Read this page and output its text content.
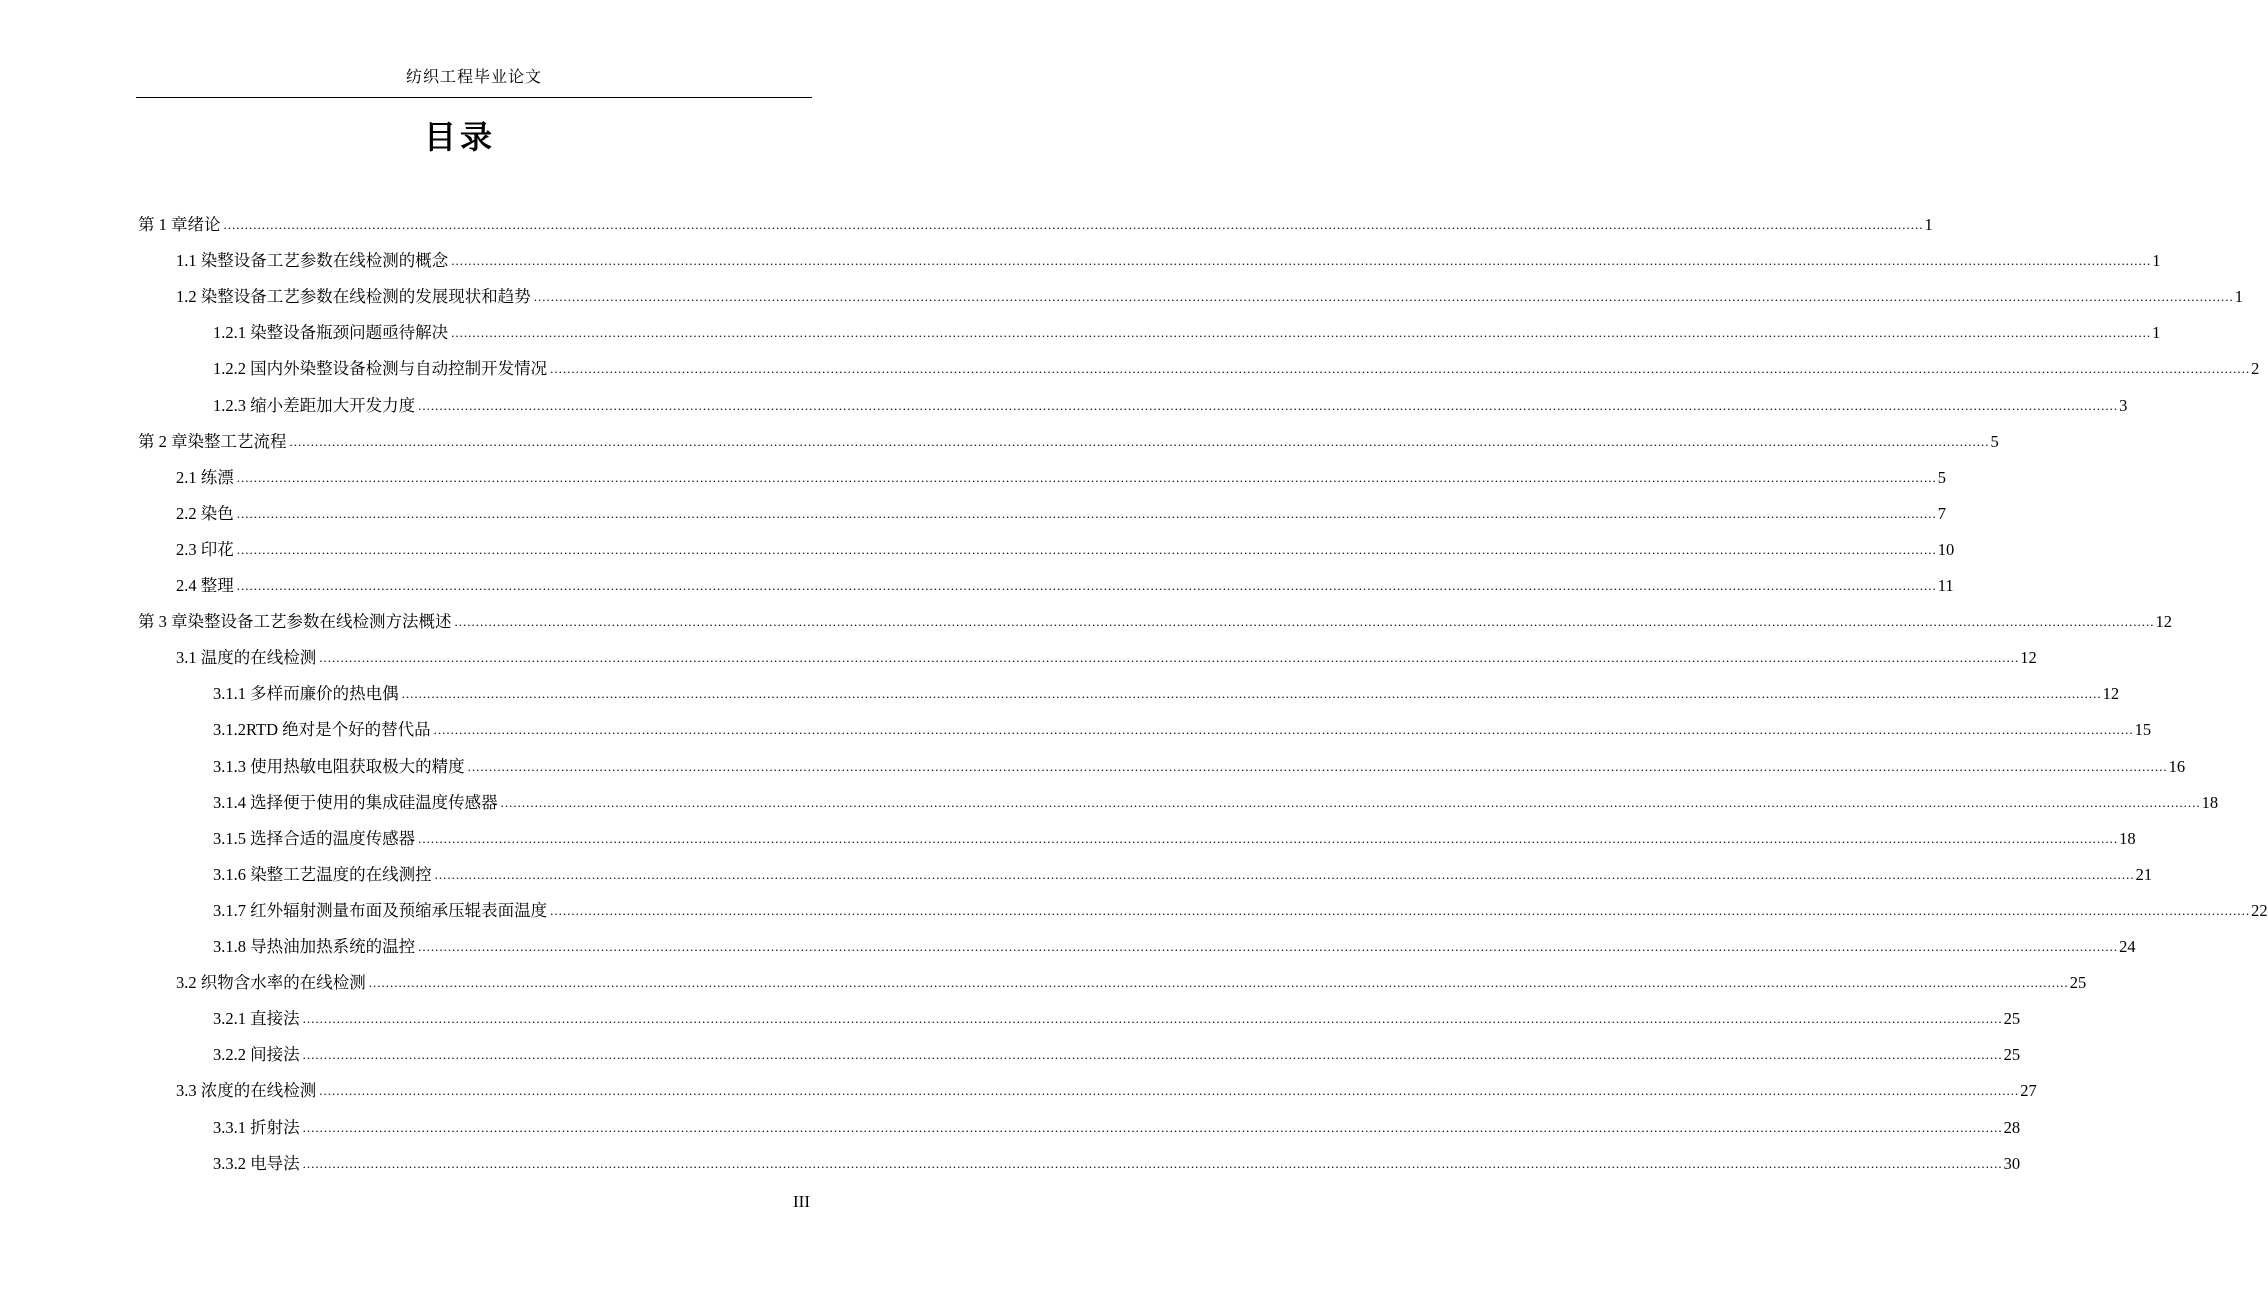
纺织工程毕业论文
目录
第 1 章绪论 ................................................................................................................................................................................................................................................................................................................................................................................................................ 1
1.1 染整设备工艺参数在线检测的概念 ................................................................................................................................................................................................................................................................................................................................................................................................................ 1
1.2 染整设备工艺参数在线检测的发展现状和趋势 ................................................................................................................................................................................................................................................................................................................................................................................................................ 1
1.2.1 染整设备瓶颈问题亟待解决 ................................................................................................................................................................................................................................................................................................................................................................................................................ 1
1.2.2 国内外染整设备检测与自动控制开发情况 ................................................................................................................................................................................................................................................................................................................................................................................................................ 2
1.2.3 缩小差距加大开发力度 ................................................................................................................................................................................................................................................................................................................................................................................................................ 3
第 2 章染整工艺流程 ................................................................................................................................................................................................................................................................................................................................................................................................................ 5
2.1 练漂 ................................................................................................................................................................................................................................................................................................................................................................................................................ 5
2.2 染色 ................................................................................................................................................................................................................................................................................................................................................................................................................ 7
2.3 印花 ................................................................................................................................................................................................................................................................................................................................................................................................................ 10
2.4 整理 ................................................................................................................................................................................................................................................................................................................................................................................................................ 11
第 3 章染整设备工艺参数在线检测方法概述 ................................................................................................................................................................................................................................................................................................................................................................................................................ 12
3.1 温度的在线检测 ................................................................................................................................................................................................................................................................................................................................................................................................................ 12
3.1.1 多样而廉价的热电偶 ................................................................................................................................................................................................................................................................................................................................................................................................................ 12
3.1.2RTD 绝对是个好的替代品 ................................................................................................................................................................................................................................................................................................................................................................................................................ 15
3.1.3 使用热敏电阻获取极大的精度 ................................................................................................................................................................................................................................................................................................................................................................................................................ 16
3.1.4 选择便于使用的集成硅温度传感器 ................................................................................................................................................................................................................................................................................................................................................................................................................ 18
3.1.5 选择合适的温度传感器 ................................................................................................................................................................................................................................................................................................................................................................................................................ 18
3.1.6 染整工艺温度的在线测控 ................................................................................................................................................................................................................................................................................................................................................................................................................ 21
3.1.7 红外辐射测量布面及预缩承压辊表面温度 ................................................................................................................................................................................................................................................................................................................................................................................................................ 22
3.1.8 导热油加热系统的温控 ................................................................................................................................................................................................................................................................................................................................................................................................................ 24
3.2 织物含水率的在线检测 ................................................................................................................................................................................................................................................................................................................................................................................................................ 25
3.2.1 直接法 ................................................................................................................................................................................................................................................................................................................................................................................................................ 25
3.2.2 间接法 ................................................................................................................................................................................................................................................................................................................................................................................................................ 25
3.3 浓度的在线检测 ................................................................................................................................................................................................................................................................................................................................................................................................................ 27
3.3.1 折射法 ................................................................................................................................................................................................................................................................................................................................................................................................................ 28
3.3.2 电导法 ................................................................................................................................................................................................................................................................................................................................................................................................................ 30
III
